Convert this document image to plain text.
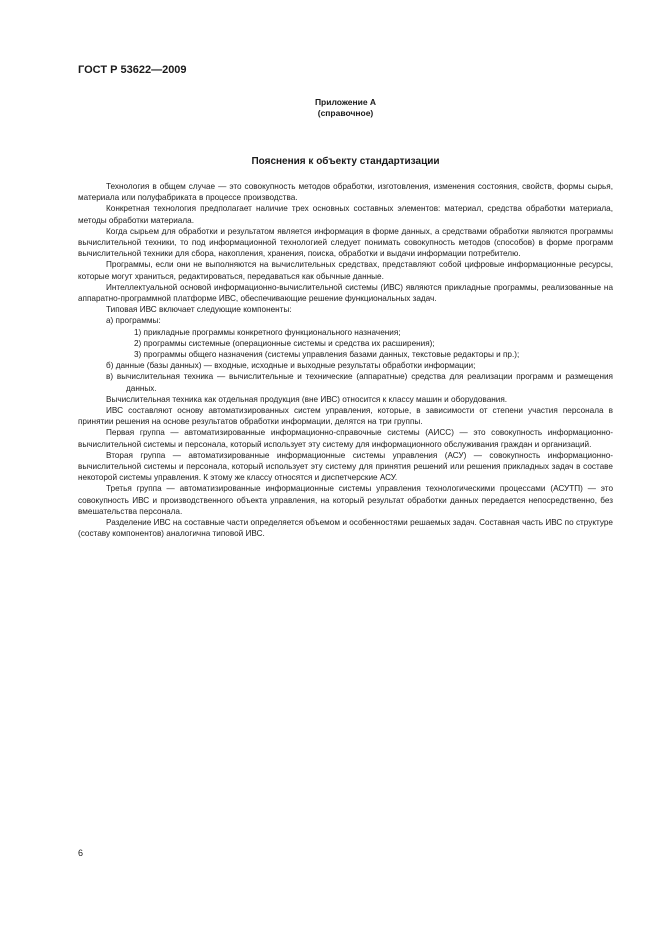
ГОСТ Р 53622—2009
Приложение А
(справочное)
Пояснения к объекту стандартизации

Технология в общем случае — это совокупность методов обработки, изготовления, изменения состояния, свойств, формы сырья, материала или полуфабриката в процессе производства.

Конкретная технология предполагает наличие трех основных составных элементов: материал, средства обработки материала, методы обработки материала.

Когда сырьем для обработки и результатом является информация в форме данных, а средствами обработки являются программы вычислительной техники, то под информационной технологией следует понимать совокупность методов (способов) в форме программ вычислительной техники для сбора, накопления, хранения, поиска, обработки и выдачи информации потребителю.

Программы, если они не выполняются на вычислительных средствах, представляют собой цифровые информационные ресурсы, которые могут храниться, редактироваться, передаваться как обычные данные.

Интеллектуальной основой информационно-вычислительной системы (ИВС) являются прикладные программы, реализованные на аппаратно-программной платформе ИВС, обеспечивающие решение функциональных задач.

Типовая ИВС включает следующие компоненты:

а) программы:

1) прикладные программы конкретного функционального назначения;

2) программы системные (операционные системы и средства их расширения);

3) программы общего назначения (системы управления базами данных, текстовые редакторы и пр.);

б) данные (базы данных) — входные, исходные и выходные результаты обработки информации;

в) вычислительная техника — вычислительные и технические (аппаратные) средства для реализации программ и размещения данных.

Вычислительная техника как отдельная продукция (вне ИВС) относится к классу машин и оборудования.

ИВС составляют основу автоматизированных систем управления, которые, в зависимости от степени участия персонала в принятии решения на основе результатов обработки информации, делятся на три группы.

Первая группа — автоматизированные информационно-справочные системы (АИСС) — это совокупность информационно-вычислительной системы и персонала, который использует эту систему для информационного обслуживания граждан и организаций.

Вторая группа — автоматизированные информационные системы управления (АСУ) — совокупность информационно-вычислительной системы и персонала, который использует эту систему для принятия решений или решения прикладных задач в составе некоторой системы управления. К этому же классу относятся и диспетчерские АСУ.

Третья группа — автоматизированные информационные системы управления технологическими процессами (АСУТП) — это совокупность ИВС и производственного объекта управления, на который результат обработки данных передается непосредственно, без вмешательства персонала.

Разделение ИВС на составные части определяется объемом и особенностями решаемых задач. Составная часть ИВС по структуре (составу компонентов) аналогична типовой ИВС.

6
